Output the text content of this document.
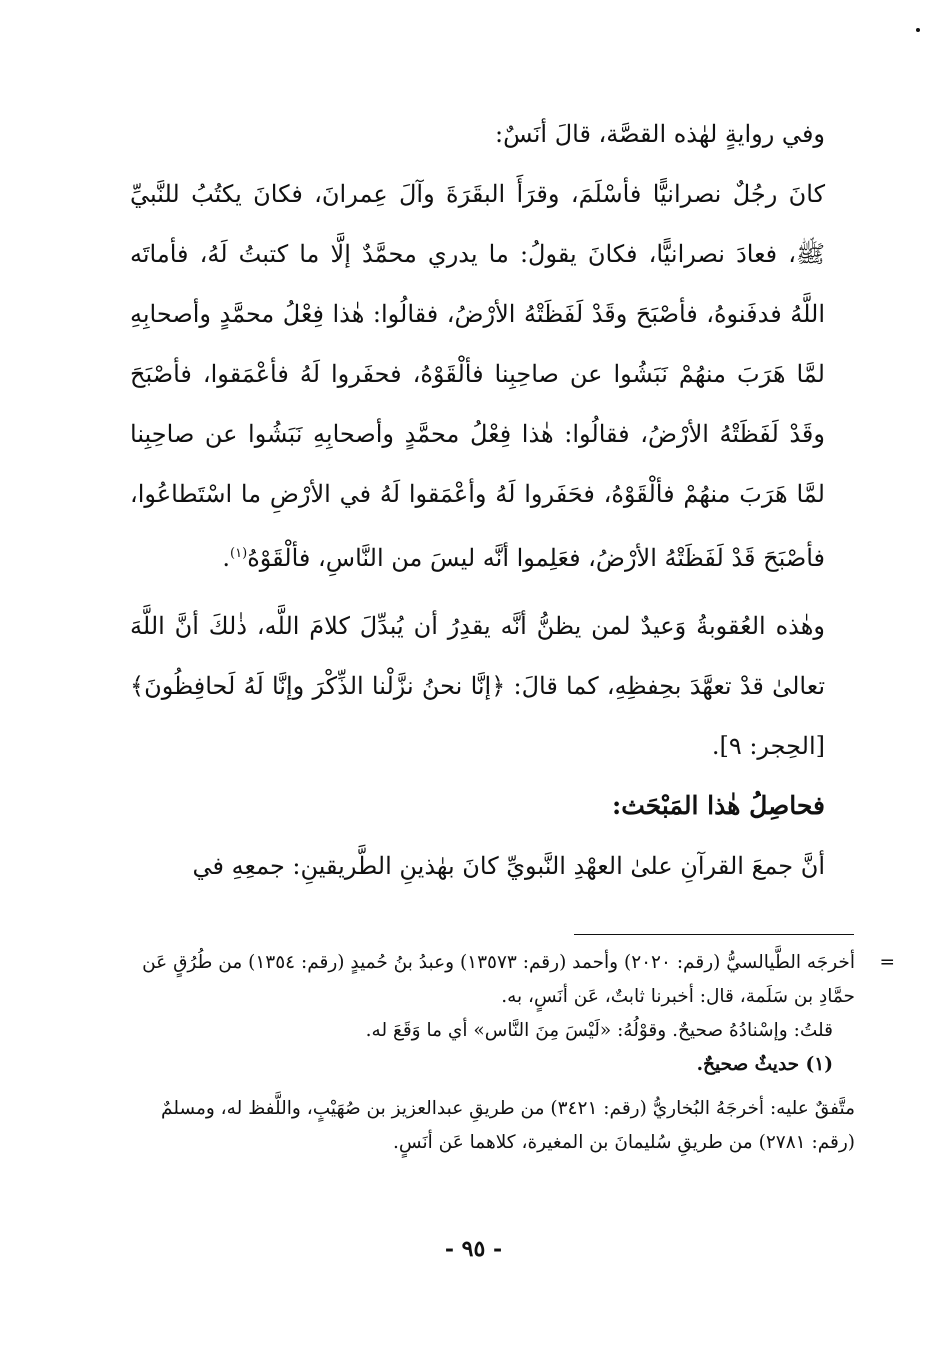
وفي روايةٍ لهٰذه القصَّة، قالَ أنَسٌ:

كانَ رجُلٌ نصرانيًّا فأسْلَمَ، وقرَأَ البقَرَةَ وآلَ عِمرانَ، فكانَ يكتُبُ للنَّبيِّ ﷺ، فعادَ نصرانيًّا، فكانَ يقولُ: ما يدري محمَّدٌ إلَّا ما كتبتُ لَهُ، فأماتَه اللَّهُ فدفَنوهُ، فأصْبَحَ وقَدْ لَفَظَتْهُ الأرْضُ، فقالُوا: هٰذا فِعْلُ محمَّدٍ وأصحابِهِ لمَّا هَرَبَ منهُمْ نَبَشُوا عن صاحِبِنا فألْقَوْهُ، فحفَروا لَهُ فأعْمَقوا، فأصْبَحَ وقَدْ لَفَظَتْهُ الأرْضُ، فقالُوا: هٰذا فِعْلُ محمَّدٍ وأصحابِهِ نَبَشُوا عن صاحِبِنا لمَّا هَرَبَ منهُمْ فألْقَوْهُ، فحَفَروا لَهُ وأعْمَقوا لَهُ في الأرْضِ ما اسْتَطاعُوا، فأصْبَحَ قَدْ لَفَظَتْهُ الأرْضُ، فعَلِموا أنَّه ليسَ من النَّاسِ، فألْقَوْهُ$^{(١)}$.

وهٰذه العُقوبةُ وَعيدٌ لمن يظنُّ أنَّه يقدِرُ أن يُبدِّلَ كلامَ اللَّه، ذٰلكَ أنَّ اللَّهَ تعالىٰ قدْ تعهَّدَ بحِفظِهِ، كما قالَ: ﴿إنَّا نحنُ نزَّلْنا الذِّكْرَ وإنَّا لَهُ لَحافِظُونَ﴾ [الحِجر: ٩].

فحاصِلُ هٰذا المَبْحَث:

أنَّ جمعَ القرآنِ علىٰ العهْدِ النَّبويِّ كانَ بهٰذينِ الطَّريقينِ: جمعِهِ في

=
أخرجَه الطَّيالسيُّ (رقم: ٢٠٢٠) وأحمد (رقم: ١٣٥٧٣) وعبدُ بنُ حُميدٍ (رقم: ١٣٥٤) من طُرُقٍ عَن حمَّادِ بن سَلَمة، قال: أخبرنا ثابتٌ، عَن أنَسٍ، به.

قلتُ: وإسْنادُهُ صحيحٌ. وقوْلُهُ: «لَيْسَ مِنَ النَّاس» أي ما وَقَعَ له.

(١) حديثٌ صحيحٌ.

متَّفقٌ عليه: أخرجَهُ البُخاريُّ (رقم: ٣٤٢١) من طريقِ عبدالعزيز بن صُهَيْبٍ، واللَّفظ له، ومسلمٌ (رقم: ٢٧٨١) من طريقِ سُليمانَ بن المغيرة، كلاهما عَن أنَسٍ.

- ٩٥ -
